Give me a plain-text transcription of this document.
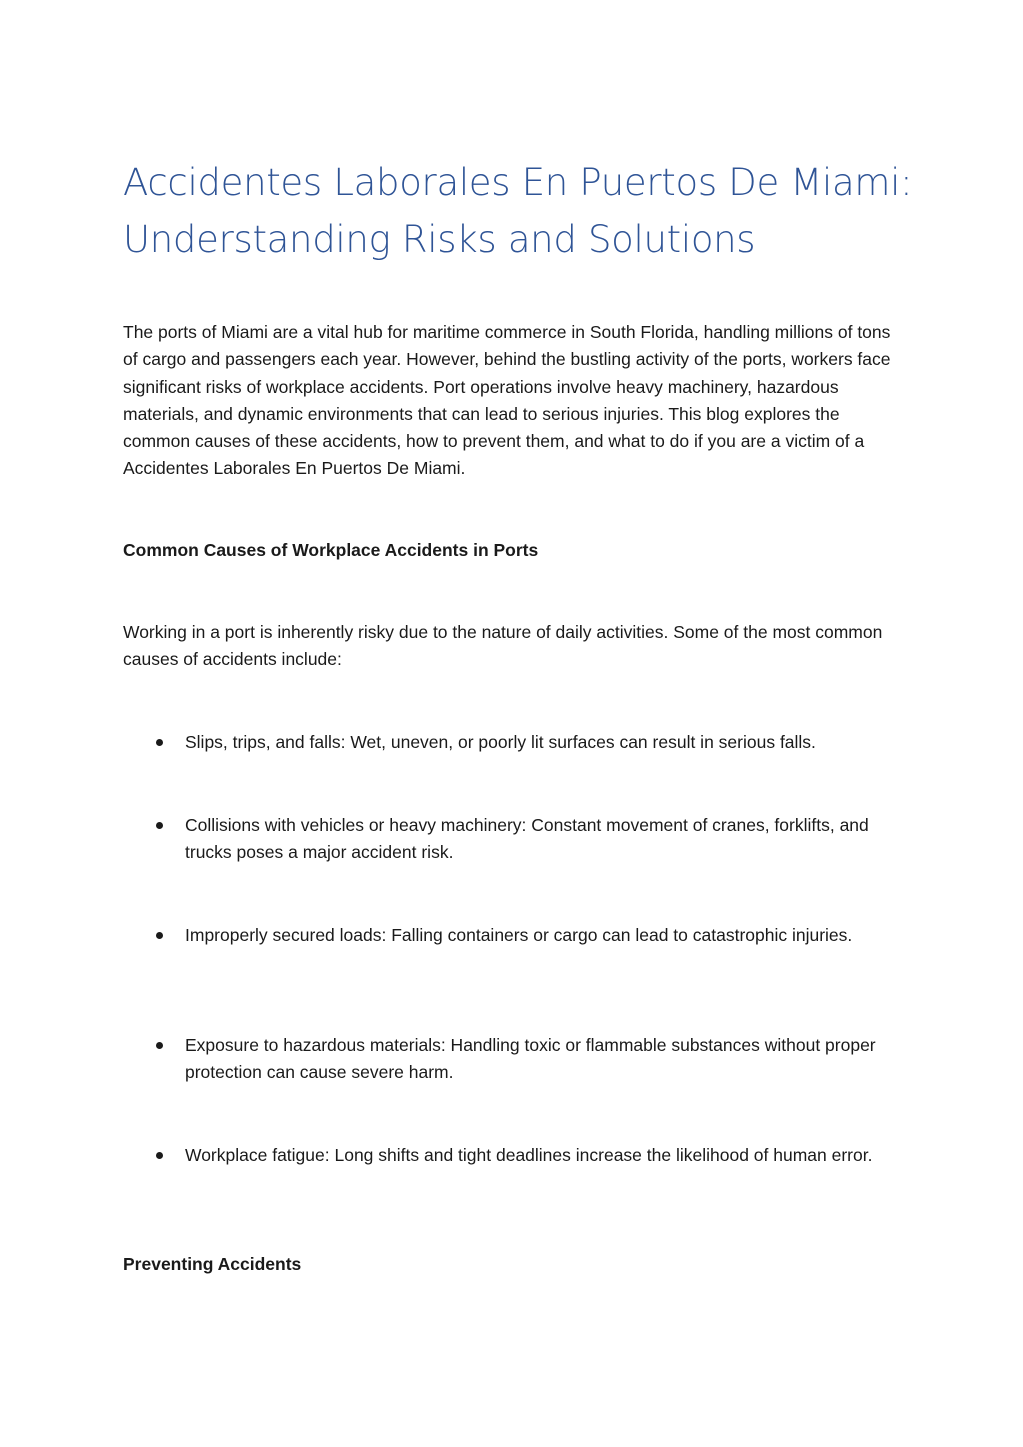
Accidentes Laborales En Puertos De Miami: Understanding Risks and Solutions

The ports of Miami are a vital hub for maritime commerce in South Florida, handling millions of tons of cargo and passengers each year. However, behind the bustling activity of the ports, workers face significant risks of workplace accidents. Port operations involve heavy machinery, hazardous materials, and dynamic environments that can lead to serious injuries. This blog explores the common causes of these accidents, how to prevent them, and what to do if you are a victim of a Accidentes Laborales En Puertos De Miami.

Common Causes of Workplace Accidents in Ports

Working in a port is inherently risky due to the nature of daily activities. Some of the most common causes of accidents include:

Slips, trips, and falls: Wet, uneven, or poorly lit surfaces can result in serious falls.
Collisions with vehicles or heavy machinery: Constant movement of cranes, forklifts, and trucks poses a major accident risk.
Improperly secured loads: Falling containers or cargo can lead to catastrophic injuries.
Exposure to hazardous materials: Handling toxic or flammable substances without proper protection can cause severe harm.
Workplace fatigue: Long shifts and tight deadlines increase the likelihood of human error.
Preventing Accidents
